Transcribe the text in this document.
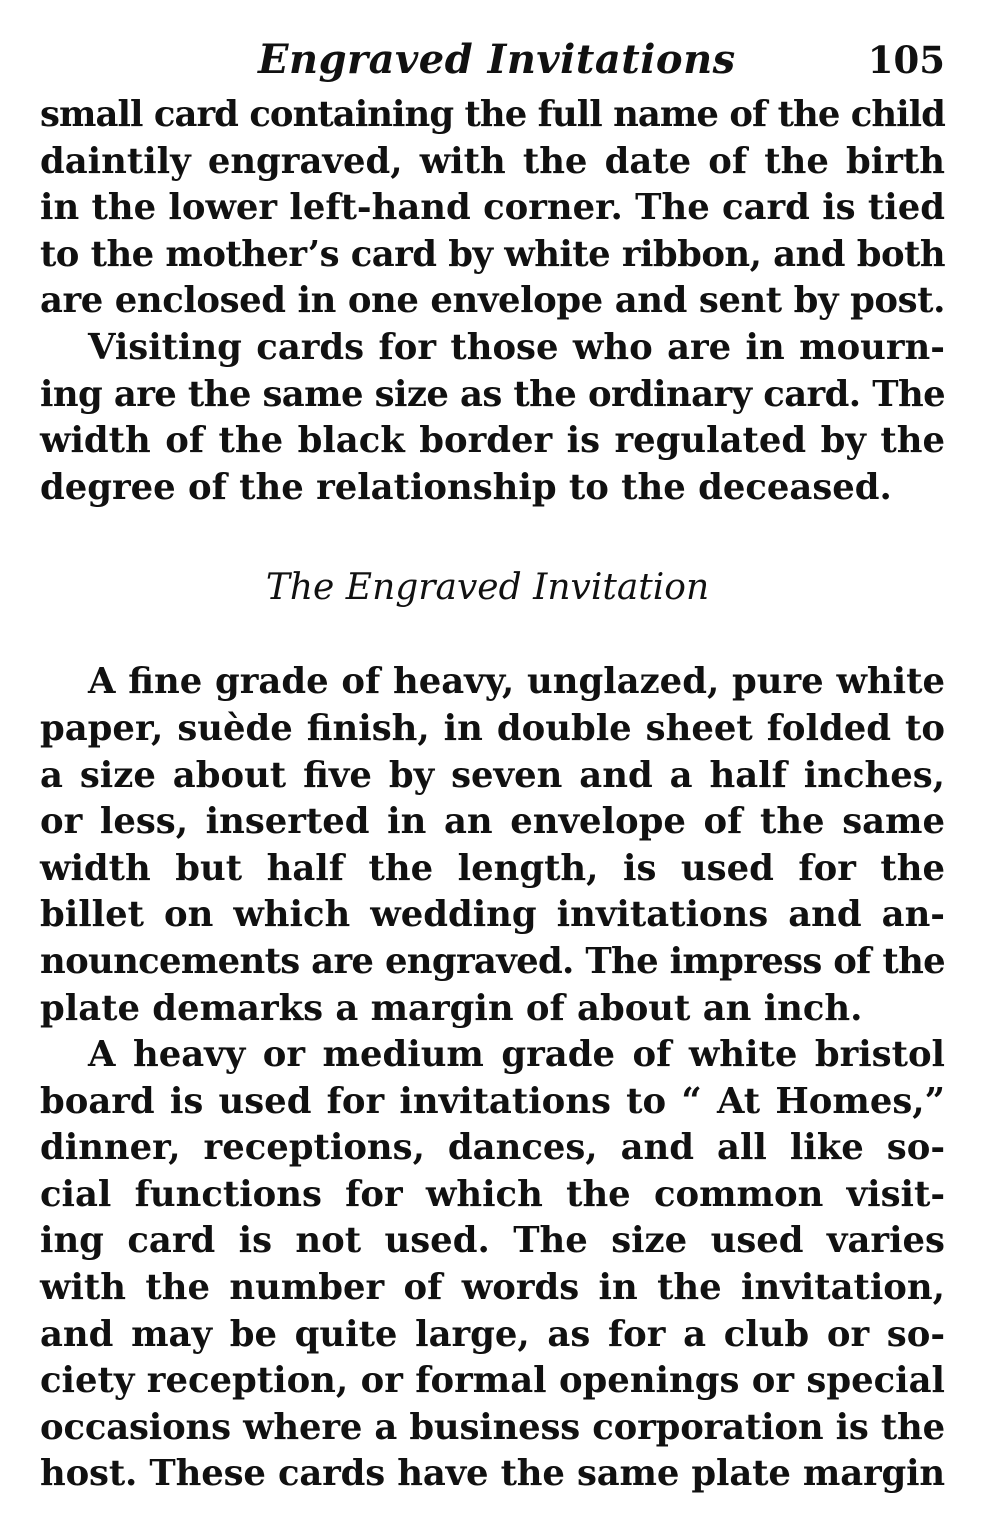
Engraved Invitations	105

small card containing the full name of the child
daintily engraved, with the date of the birth
in the lower left-hand corner. The card is tied
to the mother’s card by white ribbon, and both
are enclosed in one envelope and sent by post.

Visiting cards for those who are in mourn-
ing are the same size as the ordinary card. The
width of the black border is regulated by the
degree of the relationship to the deceased.

The Engraved Invitation

A fine grade of heavy, unglazed, pure white
paper, suède finish, in double sheet folded to
a size about five by seven and a half inches,
or less, inserted in an envelope of the same
width but half the length, is used for the
billet on which wedding invitations and an-
nouncements are engraved. The impress of the
plate demarks a margin of about an inch.

A heavy or medium grade of white bristol
board is used for invitations to “ At Homes,”
dinner, receptions, dances, and all like so-
cial functions for which the common visit-
ing card is not used. The size used varies
with the number of words in the invitation,
and may be quite large, as for a club or so-
ciety reception, or formal openings or special
occasions where a business corporation is the
host. These cards have the same plate margin
